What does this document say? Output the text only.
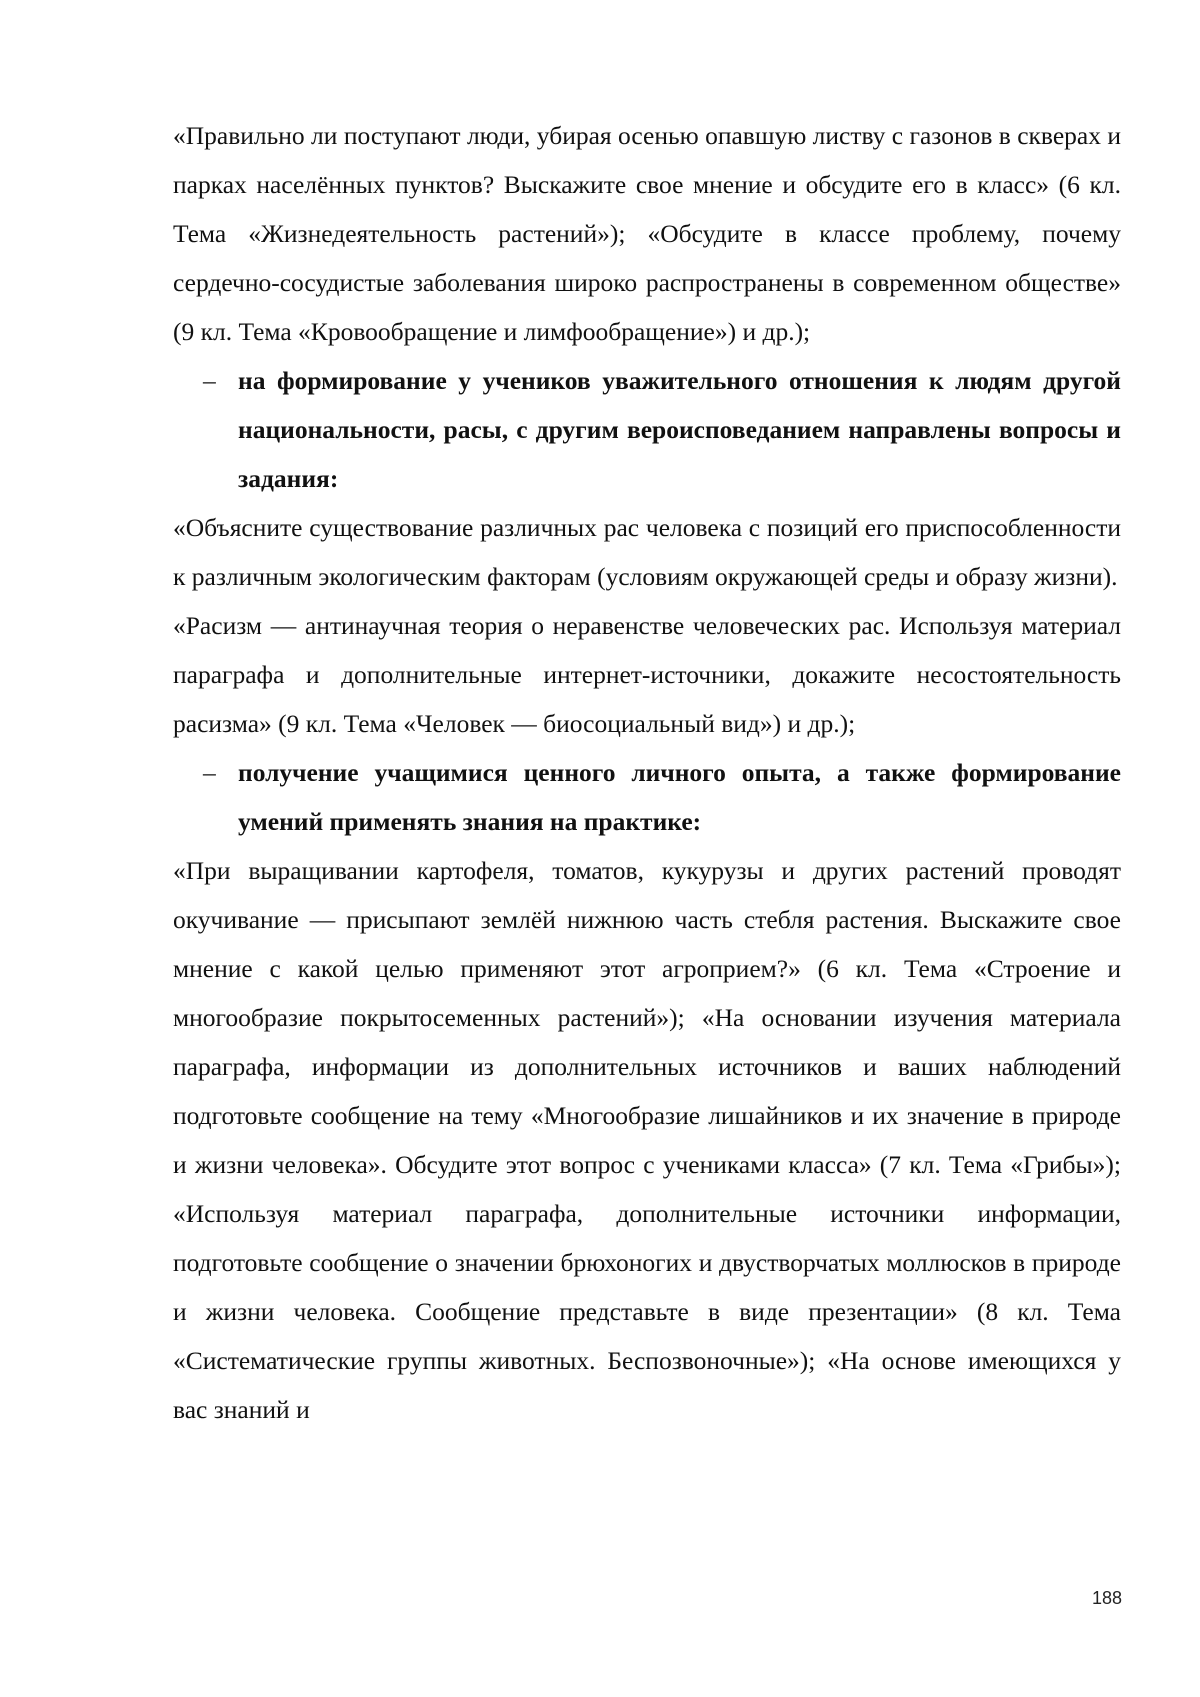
«Правильно ли поступают люди, убирая осенью опавшую листву с газонов в скверах и парках населённых пунктов? Выскажите свое мнение и обсудите его в класс» (6 кл. Тема «Жизнедеятельность растений»); «Обсудите в классе проблему, почему сердечно-сосудистые заболевания широко распространены в современном обществе» (9 кл. Тема «Кровообращение и лимфообращение») и др.);

– на формирование у учеников уважительного отношения к людям другой национальности, расы, с другим вероисповеданием направлены вопросы и задания:

«Объясните существование различных рас человека с позиций его приспособленности к различным экологическим факторам (условиям окружающей среды и образу жизни).

«Расизм — антинаучная теория о неравенстве человеческих рас. Используя материал параграфа и дополнительные интернет-источники, докажите несостоятельность расизма» (9 кл. Тема «Человек — биосоциальный вид») и др.);

– получение учащимися ценного личного опыта, а также формирование умений применять знания на практике:

«При выращивании картофеля, томатов, кукурузы и других растений проводят окучивание — присыпают землёй нижнюю часть стебля растения. Выскажите свое мнение с какой целью применяют этот агроприем?» (6 кл. Тема «Строение и многообразие покрытосеменных растений»); «На основании изучения материала параграфа, информации из дополнительных источников и ваших наблюдений подготовьте сообщение на тему «Многообразие лишайников и их значение в природе и жизни человека». Обсудите этот вопрос с учениками класса» (7 кл. Тема «Грибы»); «Используя материал параграфа, дополнительные источники информации, подготовьте сообщение о значении брюхоногих и двустворчатых моллюсков в природе и жизни человека. Сообщение представьте в виде презентации» (8 кл. Тема «Систематические группы животных. Беспозвоночные»); «На основе имеющихся у вас знаний и

188
